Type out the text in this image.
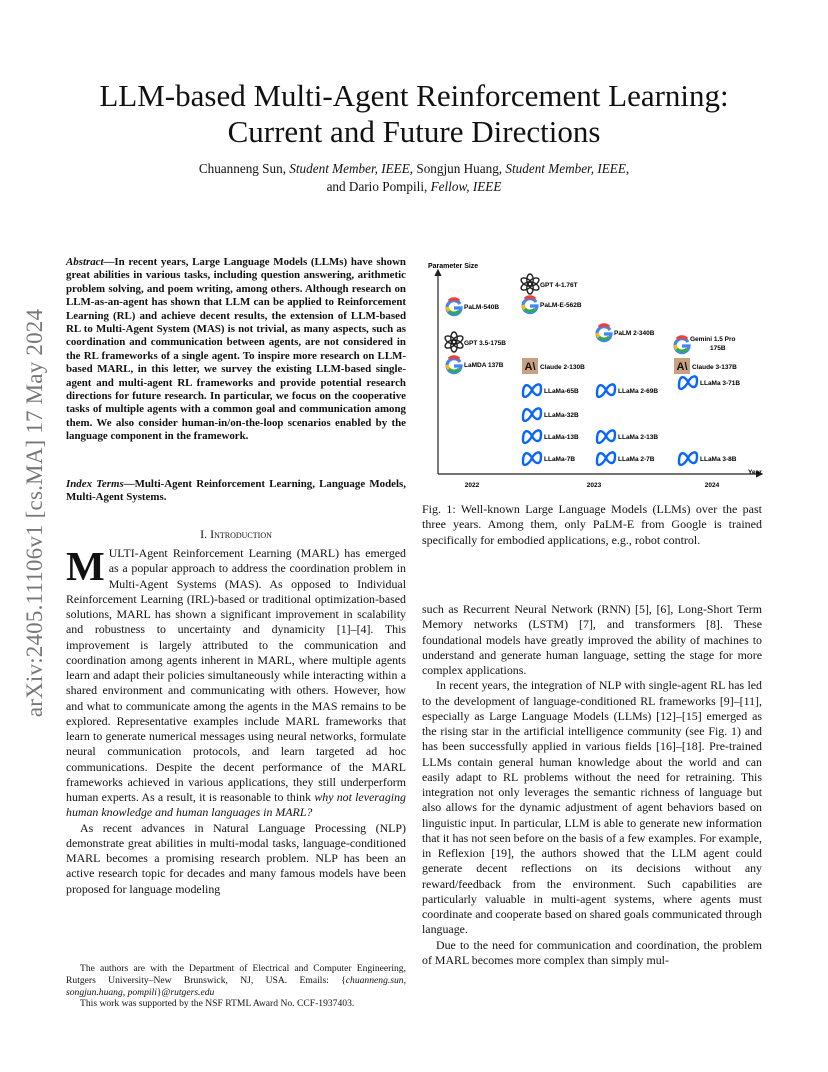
LLM-based Multi-Agent Reinforcement Learning:
Current and Future Directions
Chuanneng Sun, Student Member, IEEE, Songjun Huang, Student Member, IEEE,
and Dario Pompili, Fellow, IEEE
arXiv:2405.11106v1 [cs.MA] 17 May 2024
Abstract—In recent years, Large Language Models (LLMs) have shown great abilities in various tasks, including question answering, arithmetic problem solving, and poem writing, among others. Although research on LLM-as-an-agent has shown that LLM can be applied to Reinforcement Learning (RL) and achieve decent results, the extension of LLM-based RL to Multi-Agent System (MAS) is not trivial, as many aspects, such as coordination and communication between agents, are not considered in the RL frameworks of a single agent. To inspire more research on LLM-based MARL, in this letter, we survey the existing LLM-based single-agent and multi-agent RL frameworks and provide potential research directions for future research. In particular, we focus on the cooperative tasks of multiple agents with a common goal and communication among them. We also consider human-in/on-the-loop scenarios enabled by the language component in the framework.
Index Terms—Multi-Agent Reinforcement Learning, Language Models, Multi-Agent Systems.
I. Introduction

MULTI-Agent Reinforcement Learning (MARL) has emerged as a popular approach to address the coordination problem in Multi-Agent Systems (MAS). As opposed to Individual Reinforcement Learning (IRL)-based or traditional optimization-based solutions, MARL has shown a significant improvement in scalability and robustness to uncertainty and dynamicity [1]–[4]. This improvement is largely attributed to the communication and coordination among agents inherent in MARL, where multiple agents learn and adapt their policies simultaneously while interacting within a shared environment and communicating with others. However, how and what to communicate among the agents in the MAS remains to be explored. Representative examples include MARL frameworks that learn to generate numerical messages using neural networks, formulate neural communication protocols, and learn targeted ad hoc communications. Despite the decent performance of the MARL frameworks achieved in various applications, they still underperform human experts. As a result, it is reasonable to think why not leveraging human knowledge and human languages in MARL?

As recent advances in Natural Language Processing (NLP) demonstrate great abilities in multi-modal tasks, language-conditioned MARL becomes a promising research problem. NLP has been an active research topic for decades and many famous models have been proposed for language modeling

The authors are with the Department of Electrical and Computer Engineering, Rutgers University–New Brunswick, NJ, USA. Emails: {chuanneng.sun, songjun.huang, pompili}@rutgers.edu
This work was supported by the NSF RTML Award No. CCF-1937403.
Parameter Size
Year
2022	2023	2024
PaLM-540B
GPT 3.5-175B
LaMDA 137B
GPT 4-1.76T
PaLM-E-562B
A\ Claude 2-130B
LLaMa-65B
LLaMa-32B
LLaMa-13B
LLaMa-7B
PaLM 2-340B
LLaMa 2-69B
LLaMa 2-13B
LLaMa 2-7B
Gemini 1.5 Pro
175B
A\ Claude 3-137B
LLaMa 3-71B
LLaMa 3-8B
Fig. 1: Well-known Large Language Models (LLMs) over the past three years. Among them, only PaLM-E from Google is trained specifically for embodied applications, e.g., robot control.

such as Recurrent Neural Network (RNN) [5], [6], Long-Short Term Memory networks (LSTM) [7], and transformers [8]. These foundational models have greatly improved the ability of machines to understand and generate human language, setting the stage for more complex applications.

In recent years, the integration of NLP with single-agent RL has led to the development of language-conditioned RL frameworks [9]–[11], especially as Large Language Models (LLMs) [12]–[15] emerged as the rising star in the artificial intelligence community (see Fig. 1) and has been successfully applied in various fields [16]–[18]. Pre-trained LLMs contain general human knowledge about the world and can easily adapt to RL problems without the need for retraining. This integration not only leverages the semantic richness of language but also allows for the dynamic adjustment of agent behaviors based on linguistic input. In particular, LLM is able to generate new information that it has not seen before on the basis of a few examples. For example, in Reflexion [19], the authors showed that the LLM agent could generate decent reflections on its decisions without any reward/feedback from the environment. Such capabilities are particularly valuable in multi-agent systems, where agents must coordinate and cooperate based on shared goals communicated through language.

Due to the need for communication and coordination, the problem of MARL becomes more complex than simply mul-
